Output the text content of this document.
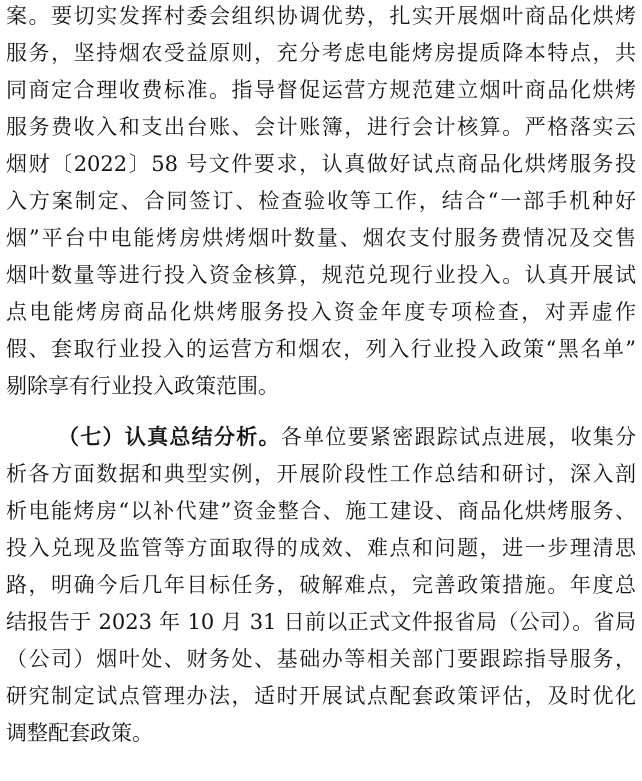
案。要切实发挥村委会组织协调优势，扎实开展烟叶商品化烘烤
服务，坚持烟农受益原则，充分考虑电能烤房提质降本特点，共
同商定合理收费标准。指导督促运营方规范建立烟叶商品化烘烤
服务费收入和支出台账、会计账簿，进行会计核算。严格落实云
烟财〔2022〕58 号文件要求，认真做好试点商品化烘烤服务投
入方案制定、合同签订、检查验收等工作，结合“一部手机种好
烟”平台中电能烤房烘烤烟叶数量、烟农支付服务费情况及交售
烟叶数量等进行投入资金核算，规范兑现行业投入。认真开展试
点电能烤房商品化烘烤服务投入资金年度专项检查，对弄虚作
假、套取行业投入的运营方和烟农，列入行业投入政策“黑名单”
剔除享有行业投入政策范围。
（七）认真总结分析。各单位要紧密跟踪试点进展，收集分
析各方面数据和典型实例，开展阶段性工作总结和研讨，深入剖
析电能烤房“以补代建”资金整合、施工建设、商品化烘烤服务、
投入兑现及监管等方面取得的成效、难点和问题，进一步理清思
路，明确今后几年目标任务，破解难点，完善政策措施。年度总
结报告于 2023 年 10 月 31 日前以正式文件报省局（公司）。省局
（公司）烟叶处、财务处、基础办等相关部门要跟踪指导服务，
研究制定试点管理办法，适时开展试点配套政策评估，及时优化
调整配套政策。
